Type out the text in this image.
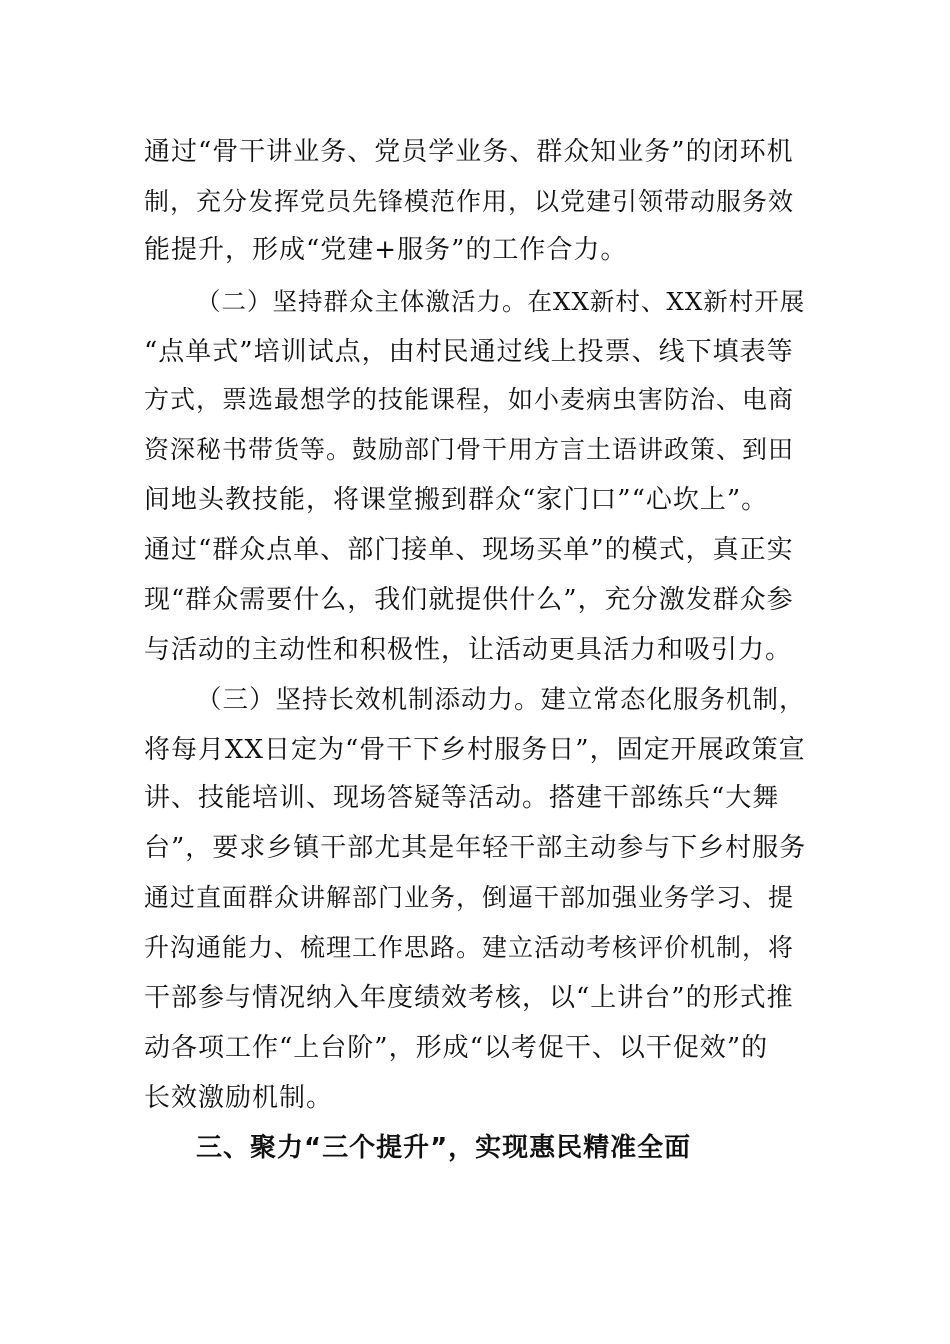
通过“骨干讲业务、党员学业务、群众知业务”的闭环机
制，充分发挥党员先锋模范作用，以党建引领带动服务效
能提升，形成“党建+服务”的工作合力。
（二）坚持群众主体激活力。在XX新村、XX新村开展
“点单式”培训试点，由村民通过线上投票、线下填表等
方式，票选最想学的技能课程，如小麦病虫害防治、电商
资深秘书带货等。鼓励部门骨干用方言土语讲政策、到田
间地头教技能，将课堂搬到群众“家门口”“心坎上”。
通过“群众点单、部门接单、现场买单”的模式，真正实
现“群众需要什么，我们就提供什么”，充分激发群众参
与活动的主动性和积极性，让活动更具活力和吸引力。
（三）坚持长效机制添动力。建立常态化服务机制，
将每月XX日定为“骨干下乡村服务日”，固定开展政策宣
讲、技能培训、现场答疑等活动。搭建干部练兵“大舞
台”，要求乡镇干部尤其是年轻干部主动参与下乡村服务
通过直面群众讲解部门业务，倒逼干部加强业务学习、提
升沟通能力、梳理工作思路。建立活动考核评价机制，将
干部参与情况纳入年度绩效考核，以“上讲台”的形式推
动各项工作“上台阶”，形成“以考促干、以干促效”的
长效激励机制。
三、聚力“三个提升”，实现惠民精准全面
